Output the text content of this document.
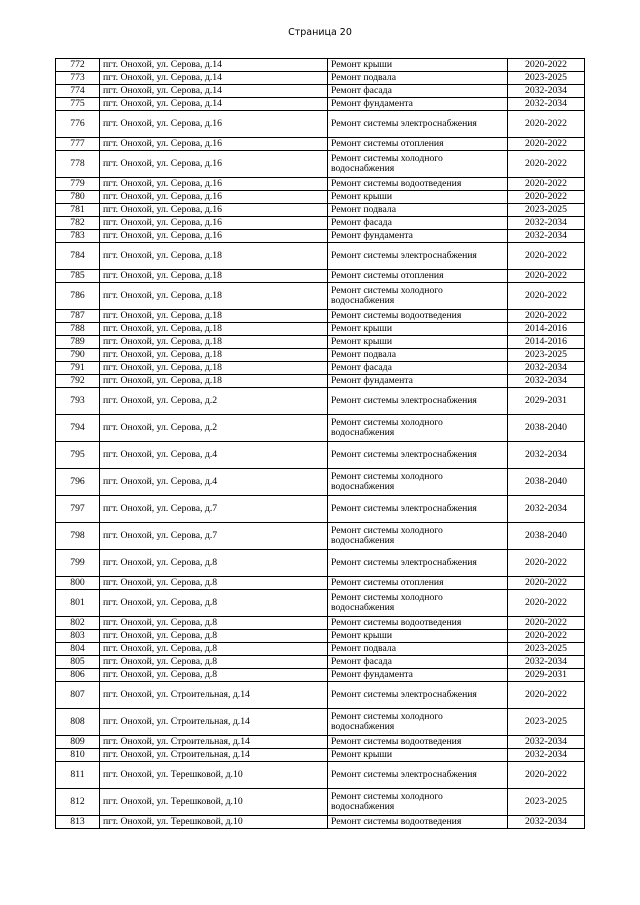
Страница 20
772	пгт. Онохой, ул. Серова, д.14	Ремонт крыши	2020-2022
773	пгт. Онохой, ул. Серова, д.14	Ремонт подвала	2023-2025
774	пгт. Онохой, ул. Серова, д.14	Ремонт фасада	2032-2034
775	пгт. Онохой, ул. Серова, д.14	Ремонт фундамента	2032-2034
776	пгт. Онохой, ул. Серова, д.16	Ремонт системы электроснабжения	2020-2022
777	пгт. Онохой, ул. Серова, д.16	Ремонт системы отопления	2020-2022
778	пгт. Онохой, ул. Серова, д.16	Ремонт системы холодного водоснабжения	2020-2022
779	пгт. Онохой, ул. Серова, д.16	Ремонт системы водоотведения	2020-2022
780	пгт. Онохой, ул. Серова, д.16	Ремонт крыши	2020-2022
781	пгт. Онохой, ул. Серова, д.16	Ремонт подвала	2023-2025
782	пгт. Онохой, ул. Серова, д.16	Ремонт фасада	2032-2034
783	пгт. Онохой, ул. Серова, д.16	Ремонт фундамента	2032-2034
784	пгт. Онохой, ул. Серова, д.18	Ремонт системы электроснабжения	2020-2022
785	пгт. Онохой, ул. Серова, д.18	Ремонт системы отопления	2020-2022
786	пгт. Онохой, ул. Серова, д.18	Ремонт системы холодного водоснабжения	2020-2022
787	пгт. Онохой, ул. Серова, д.18	Ремонт системы водоотведения	2020-2022
788	пгт. Онохой, ул. Серова, д.18	Ремонт крыши	2014-2016
789	пгт. Онохой, ул. Серова, д.18	Ремонт крыши	2014-2016
790	пгт. Онохой, ул. Серова, д.18	Ремонт подвала	2023-2025
791	пгт. Онохой, ул. Серова, д.18	Ремонт фасада	2032-2034
792	пгт. Онохой, ул. Серова, д.18	Ремонт фундамента	2032-2034
793	пгт. Онохой, ул. Серова, д.2	Ремонт системы электроснабжения	2029-2031
794	пгт. Онохой, ул. Серова, д.2	Ремонт системы холодного водоснабжения	2038-2040
795	пгт. Онохой, ул. Серова, д.4	Ремонт системы электроснабжения	2032-2034
796	пгт. Онохой, ул. Серова, д.4	Ремонт системы холодного водоснабжения	2038-2040
797	пгт. Онохой, ул. Серова, д.7	Ремонт системы электроснабжения	2032-2034
798	пгт. Онохой, ул. Серова, д.7	Ремонт системы холодного водоснабжения	2038-2040
799	пгт. Онохой, ул. Серова, д.8	Ремонт системы электроснабжения	2020-2022
800	пгт. Онохой, ул. Серова, д.8	Ремонт системы отопления	2020-2022
801	пгт. Онохой, ул. Серова, д.8	Ремонт системы холодного водоснабжения	2020-2022
802	пгт. Онохой, ул. Серова, д.8	Ремонт системы водоотведения	2020-2022
803	пгт. Онохой, ул. Серова, д.8	Ремонт крыши	2020-2022
804	пгт. Онохой, ул. Серова, д.8	Ремонт подвала	2023-2025
805	пгт. Онохой, ул. Серова, д.8	Ремонт фасада	2032-2034
806	пгт. Онохой, ул. Серова, д.8	Ремонт фундамента	2029-2031
807	пгт. Онохой, ул. Строительная, д.14	Ремонт системы электроснабжения	2020-2022
808	пгт. Онохой, ул. Строительная, д.14	Ремонт системы холодного водоснабжения	2023-2025
809	пгт. Онохой, ул. Строительная, д.14	Ремонт системы водоотведения	2032-2034
810	пгт. Онохой, ул. Строительная, д.14	Ремонт крыши	2032-2034
811	пгт. Онохой, ул. Терешковой, д.10	Ремонт системы электроснабжения	2020-2022
812	пгт. Онохой, ул. Терешковой, д.10	Ремонт системы холодного водоснабжения	2023-2025
813	пгт. Онохой, ул. Терешковой, д.10	Ремонт системы водоотведения	2032-2034
